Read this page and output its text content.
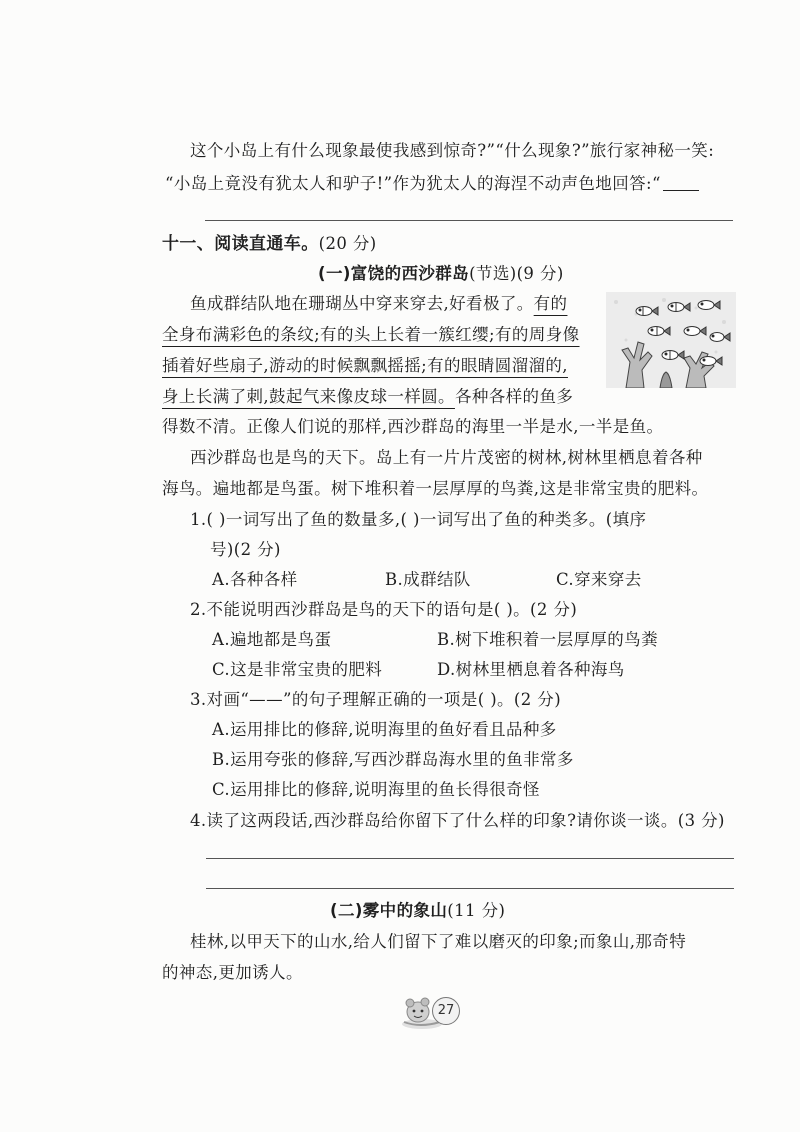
这个小岛上有什么现象最使我感到惊奇?”“什么现象?”旅行家神秘一笑:
“小岛上竟没有犹太人和驴子!”作为犹太人的海涅不动声色地回答:“
十一、阅读直通车。(20 分)
(一)富饶的西沙群岛(节选)(9 分)
鱼成群结队地在珊瑚丛中穿来穿去,好看极了。有的
全身布满彩色的条纹;有的头上长着一簇红缨;有的周身像
插着好些扇子,游动的时候飘飘摇摇;有的眼睛圆溜溜的,
身上长满了刺,鼓起气来像皮球一样圆。各种各样的鱼多
得数不清。正像人们说的那样,西沙群岛的海里一半是水,一半是鱼。
西沙群岛也是鸟的天下。岛上有一片片茂密的树林,树林里栖息着各种
海鸟。遍地都是鸟蛋。树下堆积着一层厚厚的鸟粪,这是非常宝贵的肥料。
1.( )一词写出了鱼的数量多,( )一词写出了鱼的种类多。(填序
号)(2 分)
A.各种各样	B.成群结队	C.穿来穿去
2.不能说明西沙群岛是鸟的天下的语句是( )。(2 分)
A.遍地都是鸟蛋	B.树下堆积着一层厚厚的鸟粪
C.这是非常宝贵的肥料	D.树林里栖息着各种海鸟
3.对画“——”的句子理解正确的一项是( )。(2 分)
A.运用排比的修辞,说明海里的鱼好看且品种多
B.运用夸张的修辞,写西沙群岛海水里的鱼非常多
C.运用排比的修辞,说明海里的鱼长得很奇怪
4.读了这两段话,西沙群岛给你留下了什么样的印象?请你谈一谈。(3 分)
(二)雾中的象山(11 分)
桂林,以甲天下的山水,给人们留下了难以磨灭的印象;而象山,那奇特
的神态,更加诱人。
27
